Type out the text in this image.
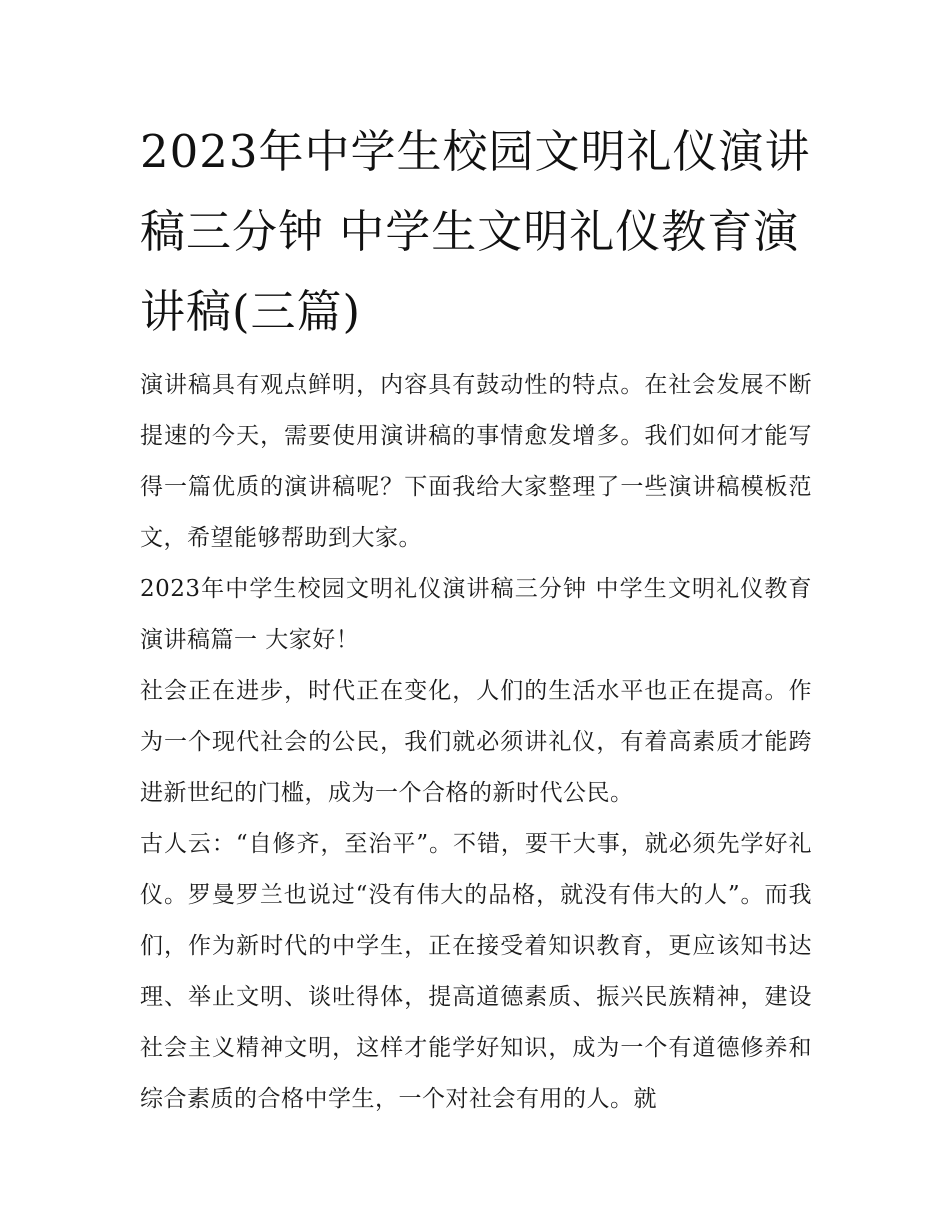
2023年中学生校园文明礼仪演讲稿三分钟 中学生文明礼仪教育演讲稿(三篇)

演讲稿具有观点鲜明，内容具有鼓动性的特点。在社会发展不断提速的今天，需要使用演讲稿的事情愈发增多。我们如何才能写得一篇优质的演讲稿呢？下面我给大家整理了一些演讲稿模板范文，希望能够帮助到大家。

2023年中学生校园文明礼仪演讲稿三分钟 中学生文明礼仪教育演讲稿篇一 大家好！

社会正在进步，时代正在变化，人们的生活水平也正在提高。作为一个现代社会的公民，我们就必须讲礼仪，有着高素质才能跨进新世纪的门槛，成为一个合格的新时代公民。

古人云：“自修齐，至治平”。不错，要干大事，就必须先学好礼仪。罗曼罗兰也说过“没有伟大的品格，就没有伟大的人”。而我们，作为新时代的中学生，正在接受着知识教育，更应该知书达理、举止文明、谈吐得体，提高道德素质、振兴民族精神，建设社会主义精神文明，这样才能学好知识，成为一个有道德修养和综合素质的合格中学生，一个对社会有用的人。就
